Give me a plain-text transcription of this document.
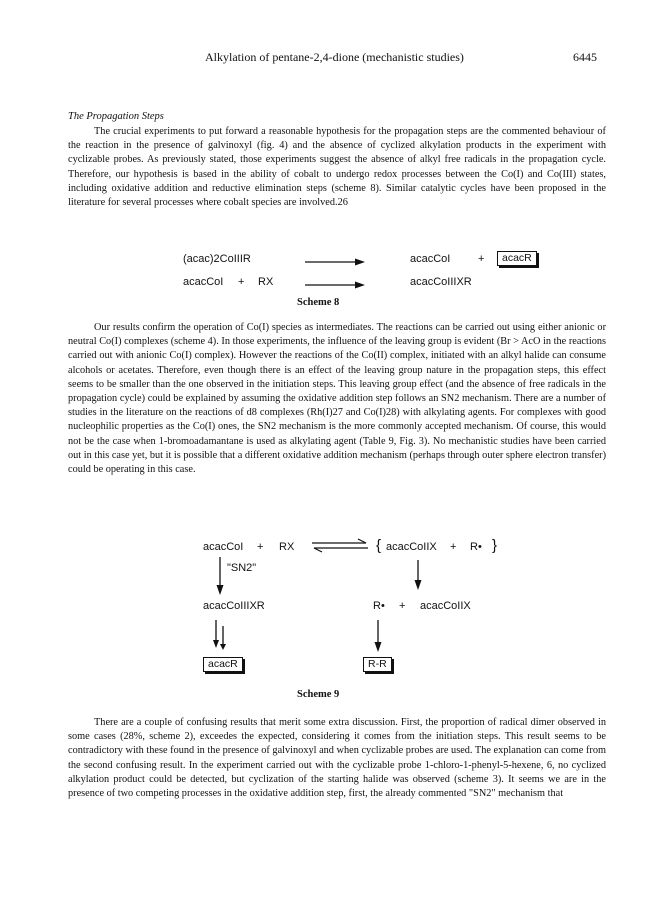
Alkylation of pentane-2,4-dione (mechanistic studies)	6445
The Propagation Steps

The crucial experiments to put forward a reasonable hypothesis for the propagation steps are the commented behaviour of the reaction in the presence of galvinoxyl (fig. 4) and the absence of cyclized alkylation products in the experiment with cyclizable probes. As previously stated, those experiments suggest the absence of alkyl free radicals in the propagation cycle. Therefore, our hypothesis is based in the ability of cobalt to undergo redox processes between the Co(I) and Co(III) states, including oxidative addition and reductive elimination steps (scheme 8). Similar catalytic cycles have been proposed in the literature for several processes where cobalt species are involved.26

(acac)2CoIIIR	acacCoI	+	acacR
acacCoI + RX	acacCoIIIXR
Scheme 8

Our results confirm the operation of Co(I) species as intermediates. The reactions can be carried out using either anionic or neutral Co(I) complexes (scheme 4). In those experiments, the influence of the leaving group is evident (Br > AcO in the reactions carried out with anionic Co(I) complex). However the reactions of the Co(II) complex, initiated with an alkyl halide can consume alcohols or acetates. Therefore, even though there is an effect of the leaving group nature in the propagation steps, this effect seems to be smaller than the one observed in the initiation steps. This leaving group effect (and the absence of free radicals in the propagation cycle) could be explained by assuming the oxidative addition step follows an SN2 mechanism. There are a number of studies in the literature on the reactions of d8 complexes (Rh(I)27 and Co(I)28) with alkylating agents. For complexes with good nucleophilic properties as the Co(I) ones, the SN2 mechanism is the more commonly accepted mechanism. Of course, this would not be the case when 1-bromoadamantane is used as alkylating agent (Table 9, Fig. 3). No mechanistic studies have been carried out in this case yet, but it is possible that a different oxidative addition mechanism (perhaps through outer sphere electron transfer) could be operating in this case.

acacCoI + RX	{ acacCoIIX + R• }
"SN2"
acacCoIIIXR	R• + acacCoIIX
acacR	R-R
Scheme 9

There are a couple of confusing results that merit some extra discussion. First, the proportion of radical dimer observed in some cases (28%, scheme 2), exceedes the expected, considering it comes from the initiation steps. This result seems to be contradictory with these found in the presence of galvinoxyl and when cyclizable probes are used. The explanation can come from the second confusing result. In the experiment carried out with the cyclizable probe 1-chloro-1-phenyl-5-hexene, 6, no cyclized alkylation product could be detected, but cyclization of the starting halide was observed (scheme 3). It seems we are in the presence of two competing processes in the oxidative addition step, first, the already commented "SN2" mechanism that
